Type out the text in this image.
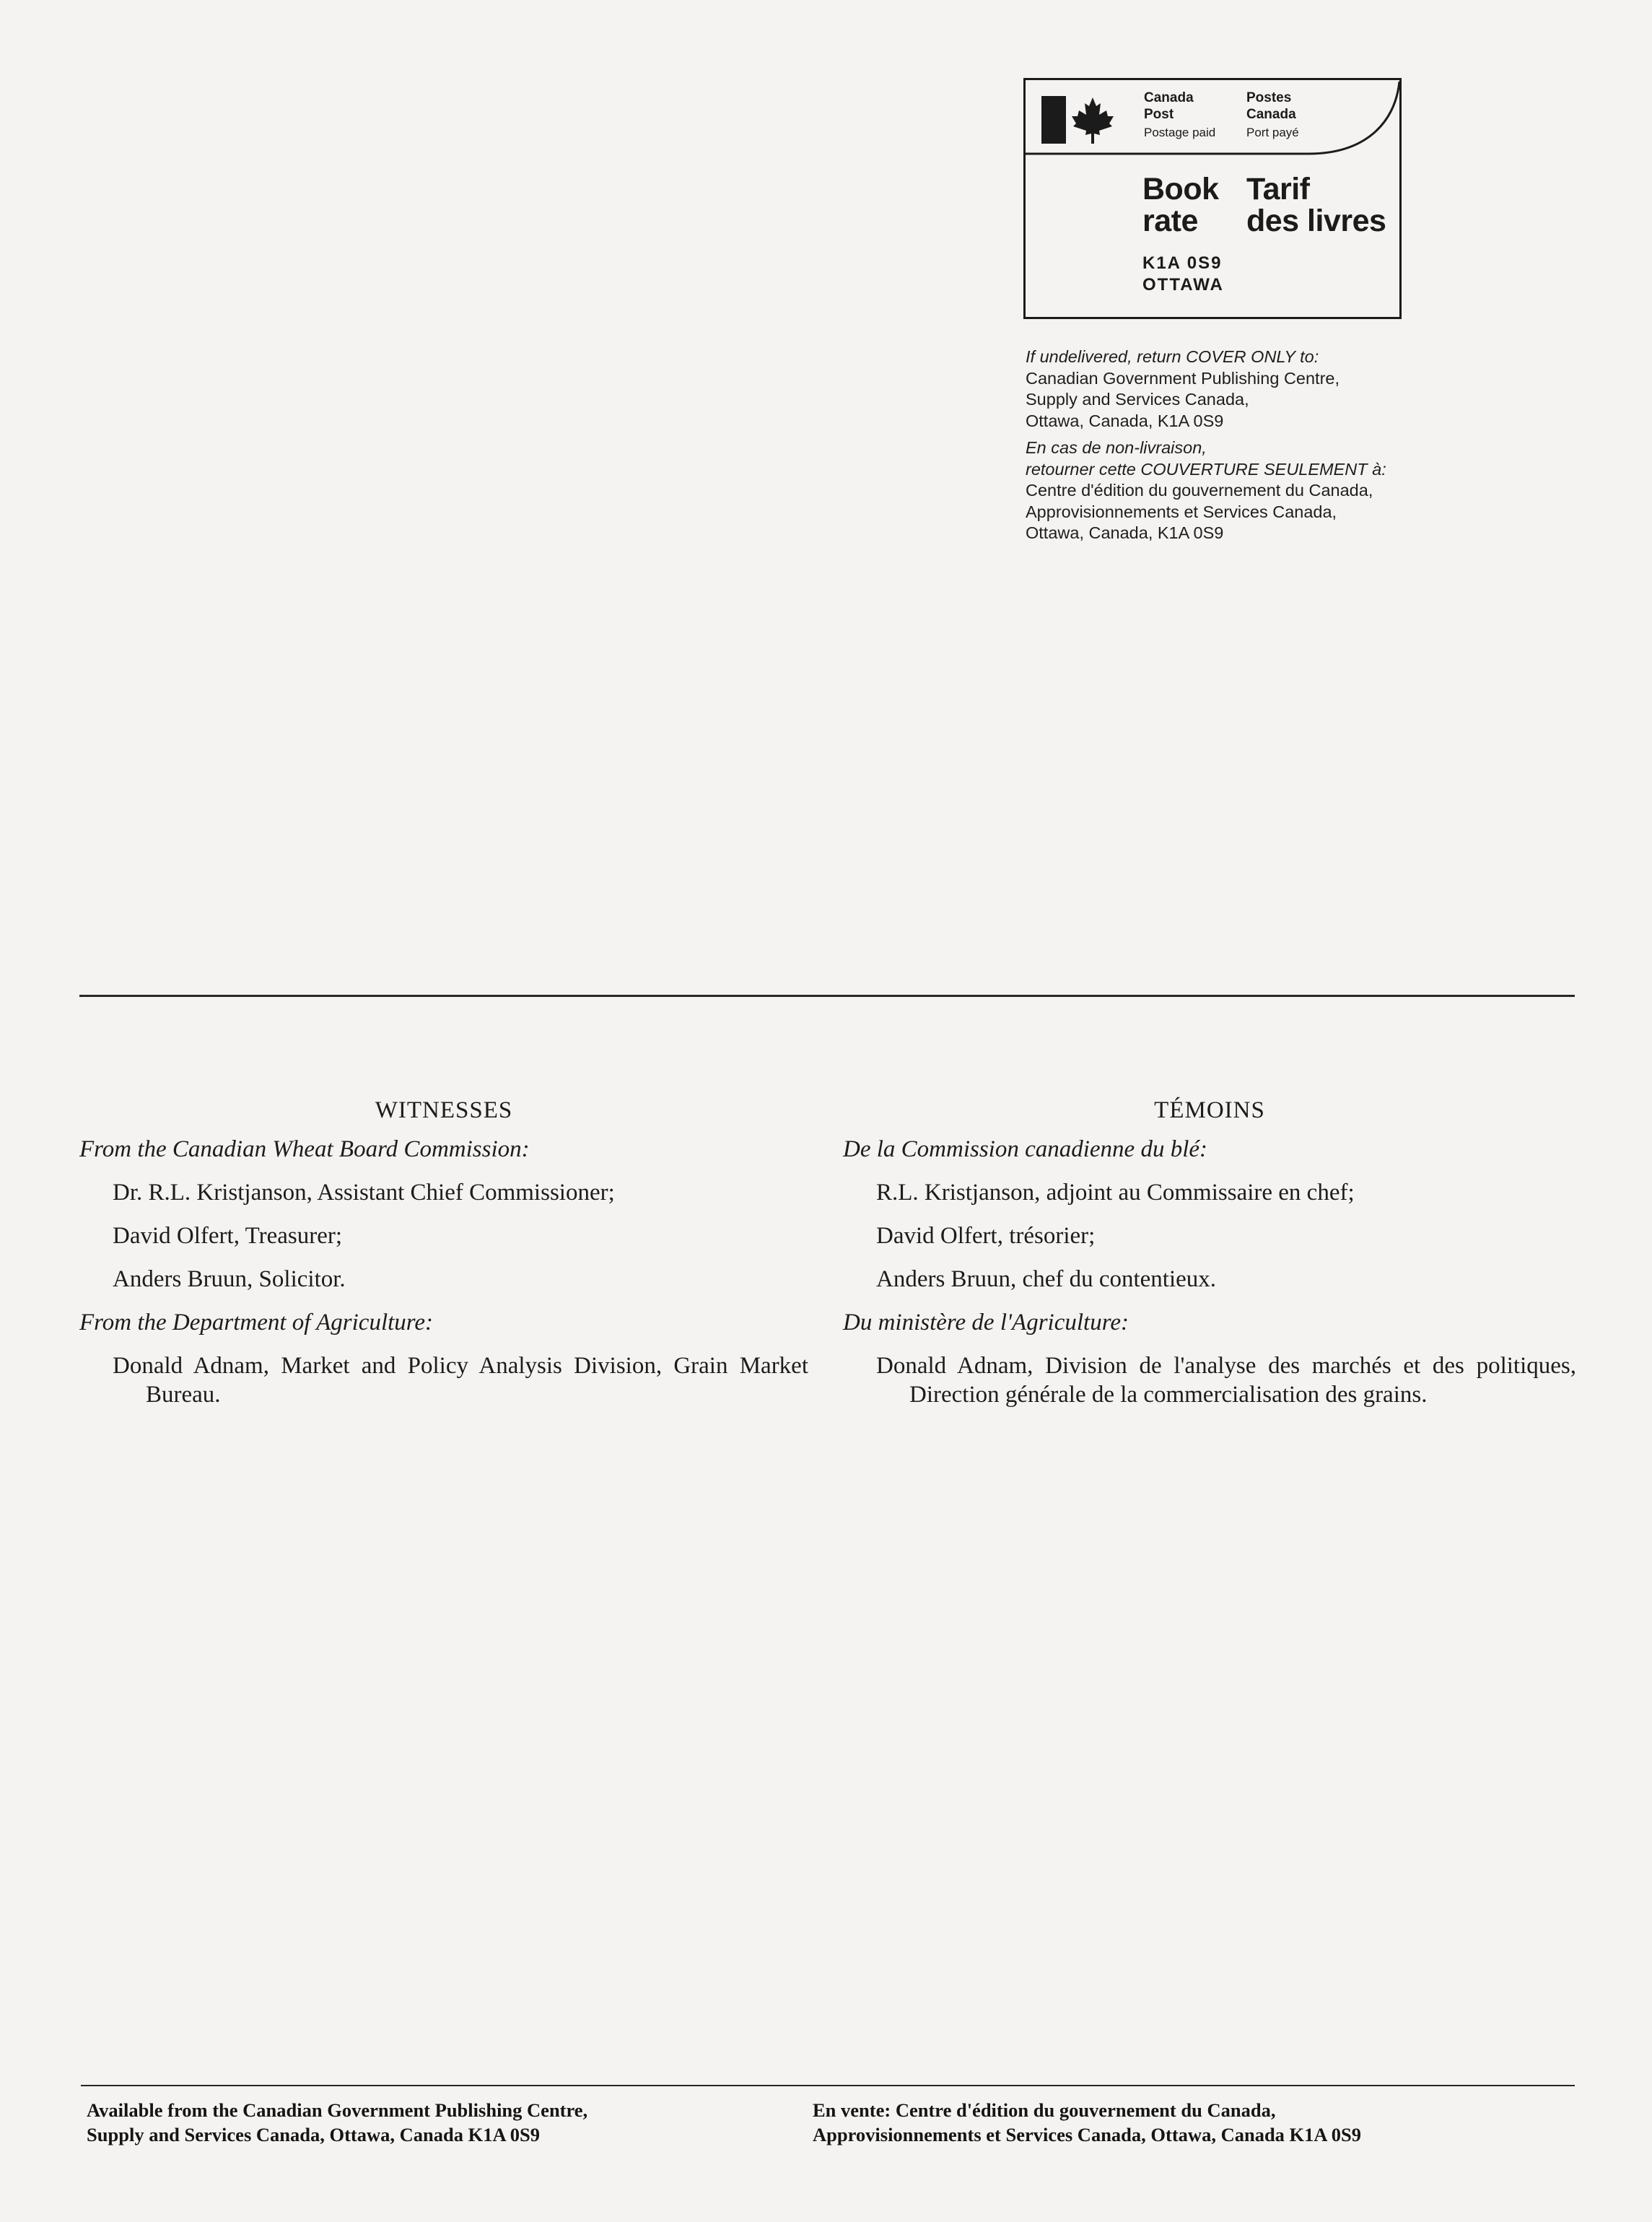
Canada
Post
Postage paid
Postes
Canada
Port payé
Book
rate
Tarif
des livres
K1A 0S9
OTTAWA
If undelivered, return COVER ONLY to:
Canadian Government Publishing Centre,
Supply and Services Canada,
Ottawa, Canada, K1A 0S9
En cas de non-livraison,
retourner cette COUVERTURE SEULEMENT à:
Centre d'édition du gouvernement du Canada,
Approvisionnements et Services Canada,
Ottawa, Canada, K1A 0S9
WITNESSES
From the Canadian Wheat Board Commission:
Dr. R.L. Kristjanson, Assistant Chief Commissioner;
David Olfert, Treasurer;
Anders Bruun, Solicitor.
From the Department of Agriculture:
Donald Adnam, Market and Policy Analysis Division, Grain Market Bureau.
TÉMOINS
De la Commission canadienne du blé:
R.L. Kristjanson, adjoint au Commissaire en chef;
David Olfert, trésorier;
Anders Bruun, chef du contentieux.
Du ministère de l'Agriculture:
Donald Adnam, Division de l'analyse des marchés et des politiques, Direction générale de la commercialisation des grains.
Available from the Canadian Government Publishing Centre,
Supply and Services Canada, Ottawa, Canada K1A 0S9
En vente: Centre d'édition du gouvernement du Canada,
Approvisionnements et Services Canada, Ottawa, Canada K1A 0S9
